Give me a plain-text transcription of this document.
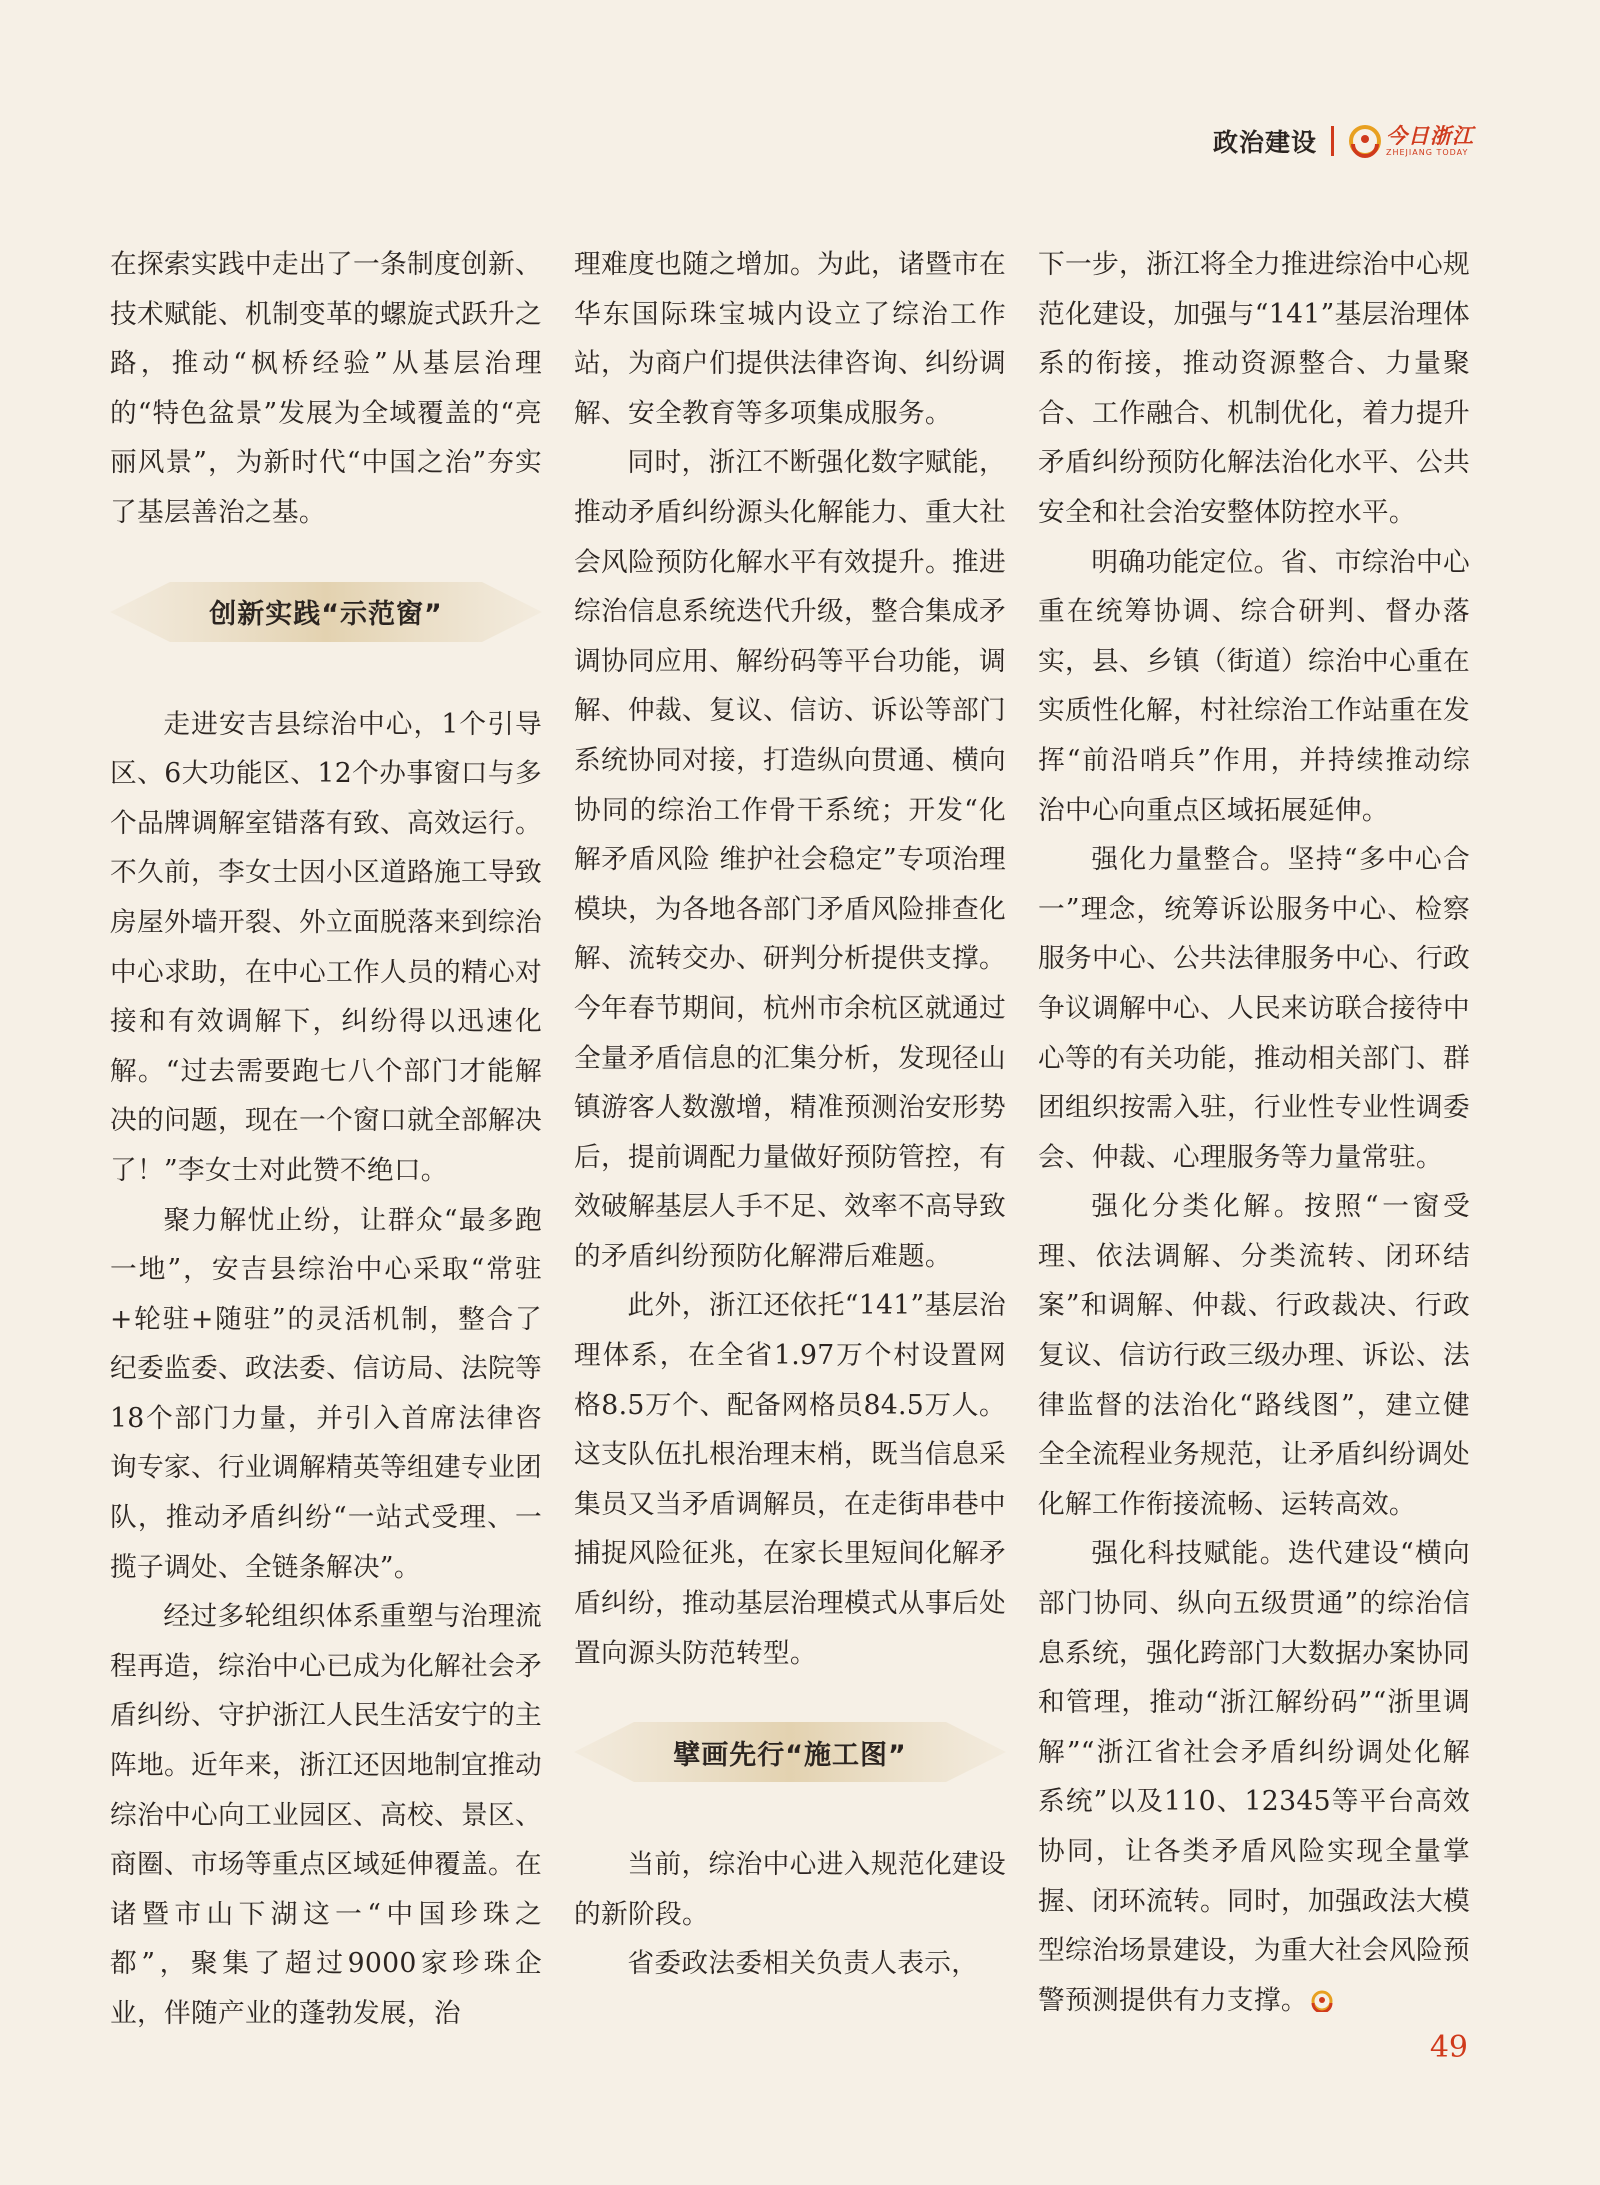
政治建设	今日浙江
ZHEJIANG TODAY

在探索实践中走出了一条制度创新、技术赋能、机制变革的螺旋式跃升之路，推动“枫桥经验”从基层治理的“特色盆景”发展为全域覆盖的“亮丽风景”，为新时代“中国之治”夯实了基层善治之基。

创新实践“示范窗”

走进安吉县综治中心，1个引导区、6大功能区、12个办事窗口与多个品牌调解室错落有致、高效运行。不久前，李女士因小区道路施工导致房屋外墙开裂、外立面脱落来到综治中心求助，在中心工作人员的精心对接和有效调解下，纠纷得以迅速化解。“过去需要跑七八个部门才能解决的问题，现在一个窗口就全部解决了！”李女士对此赞不绝口。

聚力解忧止纷，让群众“最多跑一地”，安吉县综治中心采取“常驻+轮驻+随驻”的灵活机制，整合了纪委监委、政法委、信访局、法院等18个部门力量，并引入首席法律咨询专家、行业调解精英等组建专业团队，推动矛盾纠纷“一站式受理、一揽子调处、全链条解决”。

经过多轮组织体系重塑与治理流程再造，综治中心已成为化解社会矛盾纠纷、守护浙江人民生活安宁的主阵地。近年来，浙江还因地制宜推动综治中心向工业园区、高校、景区、商圈、市场等重点区域延伸覆盖。在诸暨市山下湖这一“中国珍珠之都”，聚集了超过9000家珍珠企业，伴随产业的蓬勃发展，治

理难度也随之增加。为此，诸暨市在华东国际珠宝城内设立了综治工作站，为商户们提供法律咨询、纠纷调解、安全教育等多项集成服务。

同时，浙江不断强化数字赋能，推动矛盾纠纷源头化解能力、重大社会风险预防化解水平有效提升。推进综治信息系统迭代升级，整合集成矛调协同应用、解纷码等平台功能，调解、仲裁、复议、信访、诉讼等部门系统协同对接，打造纵向贯通、横向协同的综治工作骨干系统；开发“化解矛盾风险 维护社会稳定”专项治理模块，为各地各部门矛盾风险排查化解、流转交办、研判分析提供支撑。今年春节期间，杭州市余杭区就通过全量矛盾信息的汇集分析，发现径山镇游客人数激增，精准预测治安形势后，提前调配力量做好预防管控，有效破解基层人手不足、效率不高导致的矛盾纠纷预防化解滞后难题。

此外，浙江还依托“141”基层治理体系，在全省1.97万个村设置网格8.5万个、配备网格员84.5万人。这支队伍扎根治理末梢，既当信息采集员又当矛盾调解员，在走街串巷中捕捉风险征兆，在家长里短间化解矛盾纠纷，推动基层治理模式从事后处置向源头防范转型。

擘画先行“施工图”

当前，综治中心进入规范化建设的新阶段。

省委政法委相关负责人表示，

下一步，浙江将全力推进综治中心规范化建设，加强与“141”基层治理体系的衔接，推动资源整合、力量聚合、工作融合、机制优化，着力提升矛盾纠纷预防化解法治化水平、公共安全和社会治安整体防控水平。

明确功能定位。省、市综治中心重在统筹协调、综合研判、督办落实，县、乡镇（街道）综治中心重在实质性化解，村社综治工作站重在发挥“前沿哨兵”作用，并持续推动综治中心向重点区域拓展延伸。

强化力量整合。坚持“多中心合一”理念，统筹诉讼服务中心、检察服务中心、公共法律服务中心、行政争议调解中心、人民来访联合接待中心等的有关功能，推动相关部门、群团组织按需入驻，行业性专业性调委会、仲裁、心理服务等力量常驻。

强化分类化解。按照“一窗受理、依法调解、分类流转、闭环结案”和调解、仲裁、行政裁决、行政复议、信访行政三级办理、诉讼、法律监督的法治化“路线图”，建立健全全流程业务规范，让矛盾纠纷调处化解工作衔接流畅、运转高效。

强化科技赋能。迭代建设“横向部门协同、纵向五级贯通”的综治信息系统，强化跨部门大数据办案协同和管理，推动“浙江解纷码”“浙里调解”“浙江省社会矛盾纠纷调处化解系统”以及110、12345等平台高效协同，让各类矛盾风险实现全量掌握、闭环流转。同时，加强政法大模型综治场景建设，为重大社会风险预警预测提供有力支撑。

49
